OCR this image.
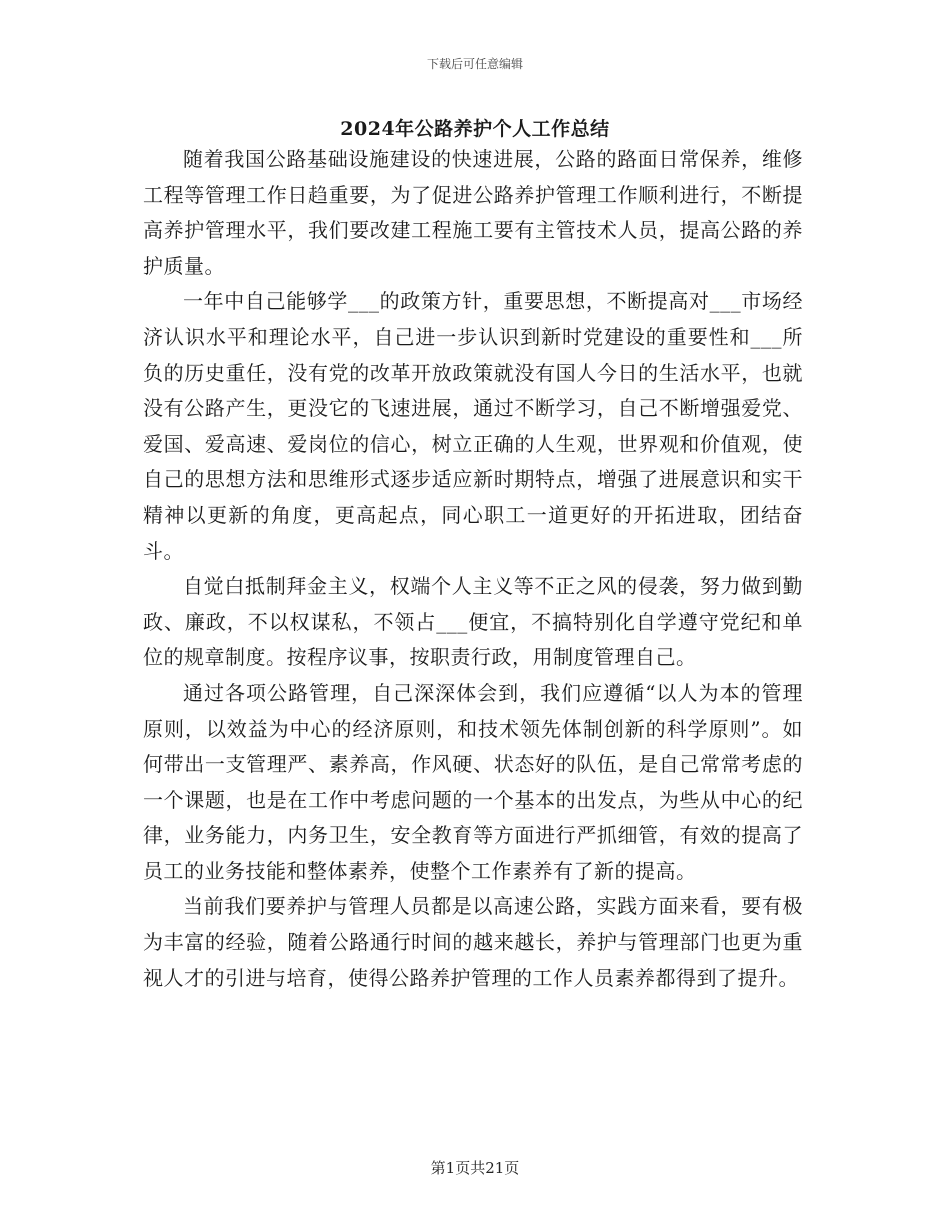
下载后可任意编辑
2024年公路养护个人工作总结

随着我国公路基础设施建设的快速进展，公路的路面日常保养，维修工程等管理工作日趋重要，为了促进公路养护管理工作顺利进行，不断提高养护管理水平，我们要改建工程施工要有主管技术人员，提高公路的养护质量。

一年中自己能够学___的政策方针，重要思想，不断提高对___市场经济认识水平和理论水平，自己进一步认识到新时党建设的重要性和___所负的历史重任，没有党的改革开放政策就没有国人今日的生活水平，也就没有公路产生，更没它的飞速进展，通过不断学习，自己不断增强爱党、爱国、爱高速、爱岗位的信心，树立正确的人生观，世界观和价值观，使自己的思想方法和思维形式逐步适应新时期特点，增强了进展意识和实干精神以更新的角度，更高起点，同心职工一道更好的开拓进取，团结奋斗。

自觉白抵制拜金主义，权端个人主义等不正之风的侵袭，努力做到勤政、廉政，不以权谋私，不领占___便宜，不搞特别化自学遵守党纪和单位的规章制度。按程序议事，按职责行政，用制度管理自己。

通过各项公路管理，自己深深体会到，我们应遵循“以人为本的管理原则，以效益为中心的经济原则，和技术领先体制创新的科学原则”。如何带出一支管理严、素养高，作风硬、状态好的队伍，是自己常常考虑的一个课题，也是在工作中考虑问题的一个基本的出发点，为些从中心的纪律，业务能力，内务卫生，安全教育等方面进行严抓细管，有效的提高了员工的业务技能和整体素养，使整个工作素养有了新的提高。

当前我们要养护与管理人员都是以高速公路，实践方面来看，要有极为丰富的经验，随着公路通行时间的越来越长，养护与管理部门也更为重视人才的引进与培育，使得公路养护管理的工作人员素养都得到了提升。

第1页共21页
